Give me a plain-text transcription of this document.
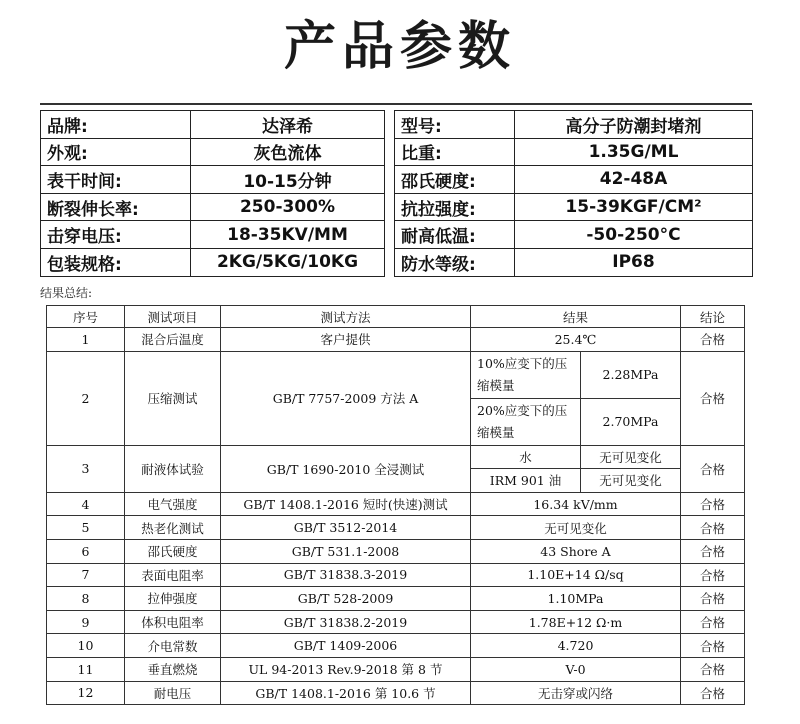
产品参数
品牌:	达泽希		型号:	高分子防潮封堵剂
外观:	灰色流体		比重:	1.35G/ML
表干时间:	10-15分钟		邵氏硬度:	42-48A
断裂伸长率:	250-300%		抗拉强度:	15-39KGF/CM²
击穿电压:	18-35KV/MM		耐高低温:	-50-250°C
包装规格:	2KG/5KG/10KG		防水等级:	IP68
结果总结:
序号	测试项目	测试方法	结果		结论
1	混合后温度	客户提供	25.4℃		合格
2	压缩测试	GB/T 7757-2009 方法 A	10%应变下的压缩模量	2.28MPa	合格
			20%应变下的压缩模量	2.70MPa	
3	耐液体试验	GB/T 1690-2010 全浸测试	水	无可见变化	合格
			IRM 901 油	无可见变化	
4	电气强度	GB/T 1408.1-2016 短时(快速)测试	16.34 kV/mm		合格
5	热老化测试	GB/T 3512-2014	无可见变化		合格
6	邵氏硬度	GB/T 531.1-2008	43 Shore A		合格
7	表面电阻率	GB/T 31838.3-2019	1.10E+14 Ω/sq		合格
8	拉伸强度	GB/T 528-2009	1.10MPa		合格
9	体积电阻率	GB/T 31838.2-2019	1.78E+12 Ω·m		合格
10	介电常数	GB/T 1409-2006	4.720		合格
11	垂直燃烧	UL 94-2013 Rev.9-2018 第 8 节	V-0		合格
12	耐电压	GB/T 1408.1-2016 第 10.6 节	无击穿或闪络		合格
